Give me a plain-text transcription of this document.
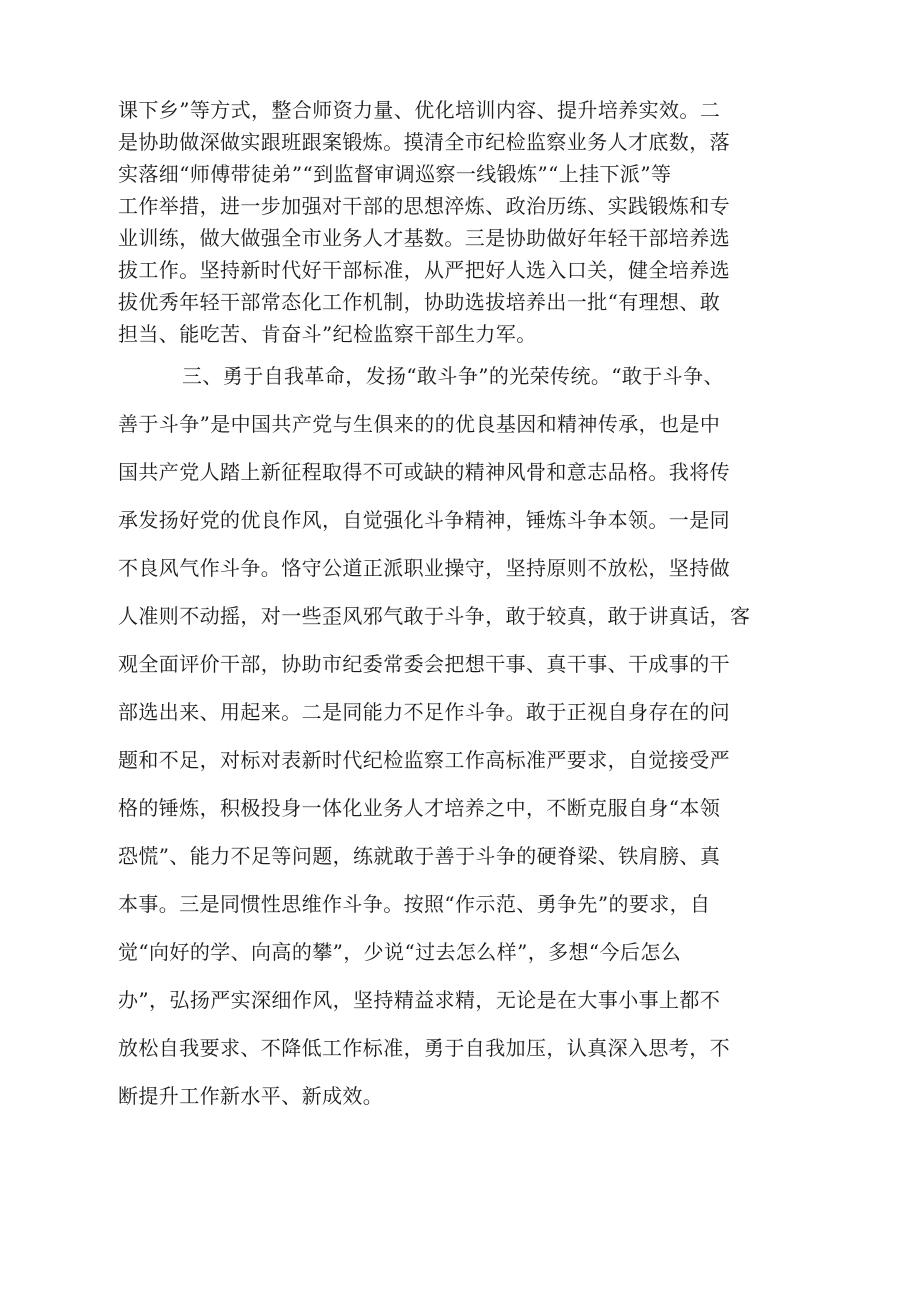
课下乡”等方式，整合师资力量、优化培训内容、提升培养实效。二
是协助做深做实跟班跟案锻炼。摸清全市纪检监察业务人才底数，落
实落细“师傅带徒弟”“到监督审调巡察一线锻炼”“上挂下派”等
工作举措，进一步加强对干部的思想淬炼、政治历练、实践锻炼和专
业训练，做大做强全市业务人才基数。三是协助做好年轻干部培养选
拔工作。坚持新时代好干部标准，从严把好人选入口关，健全培养选
拔优秀年轻干部常态化工作机制，协助选拔培养出一批“有理想、敢
担当、能吃苦、肯奋斗”纪检监察干部生力军。
三、勇于自我革命，发扬“敢斗争”的光荣传统。“敢于斗争、
善于斗争”是中国共产党与生俱来的的优良基因和精神传承，也是中
国共产党人踏上新征程取得不可或缺的精神风骨和意志品格。我将传
承发扬好党的优良作风，自觉强化斗争精神，锤炼斗争本领。一是同
不良风气作斗争。恪守公道正派职业操守，坚持原则不放松，坚持做
人准则不动摇，对一些歪风邪气敢于斗争，敢于较真，敢于讲真话，客
观全面评价干部，协助市纪委常委会把想干事、真干事、干成事的干
部选出来、用起来。二是同能力不足作斗争。敢于正视自身存在的问
题和不足，对标对表新时代纪检监察工作高标准严要求，自觉接受严
格的锤炼，积极投身一体化业务人才培养之中，不断克服自身“本领
恐慌”、能力不足等问题，练就敢于善于斗争的硬脊梁、铁肩膀、真
本事。三是同惯性思维作斗争。按照“作示范、勇争先”的要求，自
觉“向好的学、向高的攀”，少说“过去怎么样”，多想“今后怎么
办”，弘扬严实深细作风，坚持精益求精，无论是在大事小事上都不
放松自我要求、不降低工作标准，勇于自我加压，认真深入思考，不
断提升工作新水平、新成效。
